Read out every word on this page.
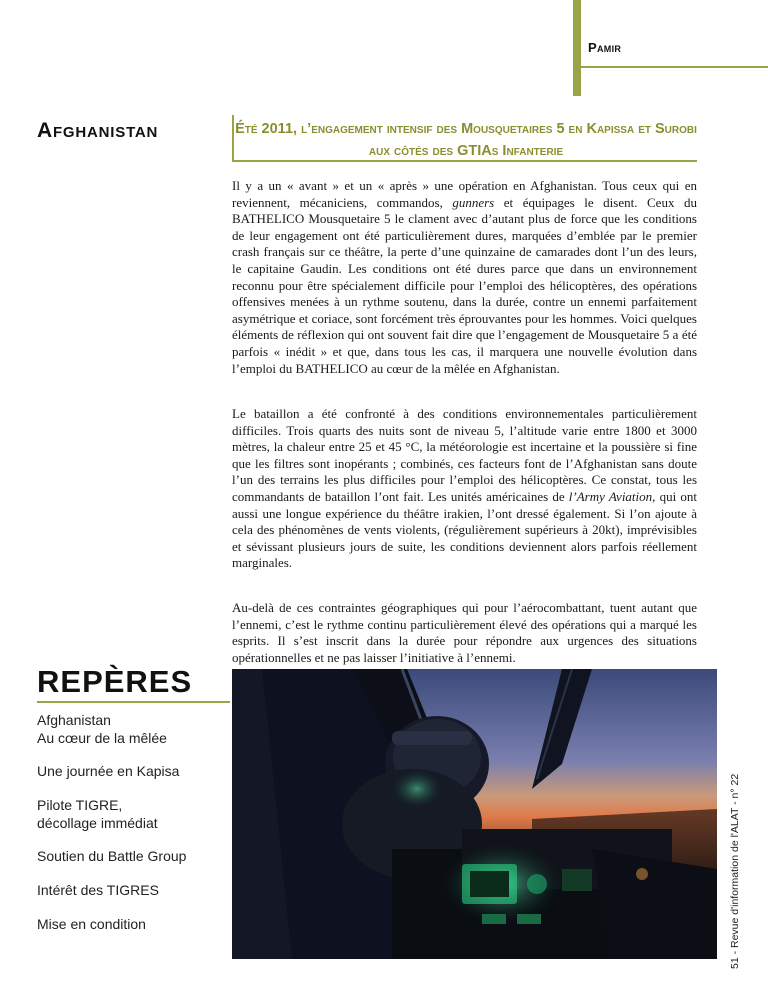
Pamir
Afghanistan	Été 2011, l’engagement intensif des Mousquetaires 5 en Kapissa et Surobi aux côtés des GTIAs Infanterie

Il y a un « avant » et un « après » une opération en Afghanistan. Tous ceux qui en reviennent, mécaniciens, commandos, gunners et équipages le disent. Ceux du BATHELICO Mousquetaire 5 le clament avec d’autant plus de force que les conditions de leur engagement ont été particulièrement dures, marquées d’emblée par le premier crash français sur ce théâtre, la perte d’une quinzaine de camarades dont l’un des leurs, le capitaine Gaudin. Les conditions ont été dures parce que dans un environnement reconnu pour être spécialement difficile pour l’emploi des hélicoptères, des opérations offensives menées à un rythme soutenu, dans la durée, contre un ennemi parfaitement asymétrique et coriace, sont forcément très éprouvantes pour les hommes. Voici quelques éléments de réflexion qui ont souvent fait dire que l’engagement de Mousquetaire 5 a été parfois « inédit » et que, dans tous les cas, il marquera une nouvelle évolution dans l’emploi du BATHELICO au cœur de la mêlée en Afghanistan.

Le bataillon a été confronté à des conditions environnementales particulièrement difficiles. Trois quarts des nuits sont de niveau 5, l’altitude varie entre 1800 et 3000 mètres, la chaleur entre 25 et 45 °C, la météorologie est incertaine et la poussière si fine que les filtres sont inopérants ; combinés, ces facteurs font de l’Afghanistan sans doute l’un des terrains les plus difficiles pour l’emploi des hélicoptères. Ce constat, tous les commandants de bataillon l’ont fait. Les unités américaines de l’Army Aviation, qui ont aussi une longue expérience du théâtre irakien, l’ont dressé également. Si l’on ajoute à cela des phénomènes de vents violents, (régulièrement supérieurs à 20kt), imprévisibles et sévissant plusieurs jours de suite, les conditions deviennent alors parfois réellement marginales.

Au-delà de ces contraintes géographiques qui pour l’aérocombattant, tuent autant que l’ennemi, c’est le rythme continu particulièrement élevé des opérations qui a marqué les esprits. Il s’est inscrit dans la durée pour répondre aux urgences des situations opérationnelles et ne pas laisser l’initiative à l’ennemi.

REPÈRES
Afghanistan
Au cœur de la mêlée
Une journée en Kapisa
Pilote TIGRE,
décollage immédiat
Soutien du Battle Group
Intérêt des TIGRES
Mise en condition	51 - Revue d'information de l'ALAT - n° 22
